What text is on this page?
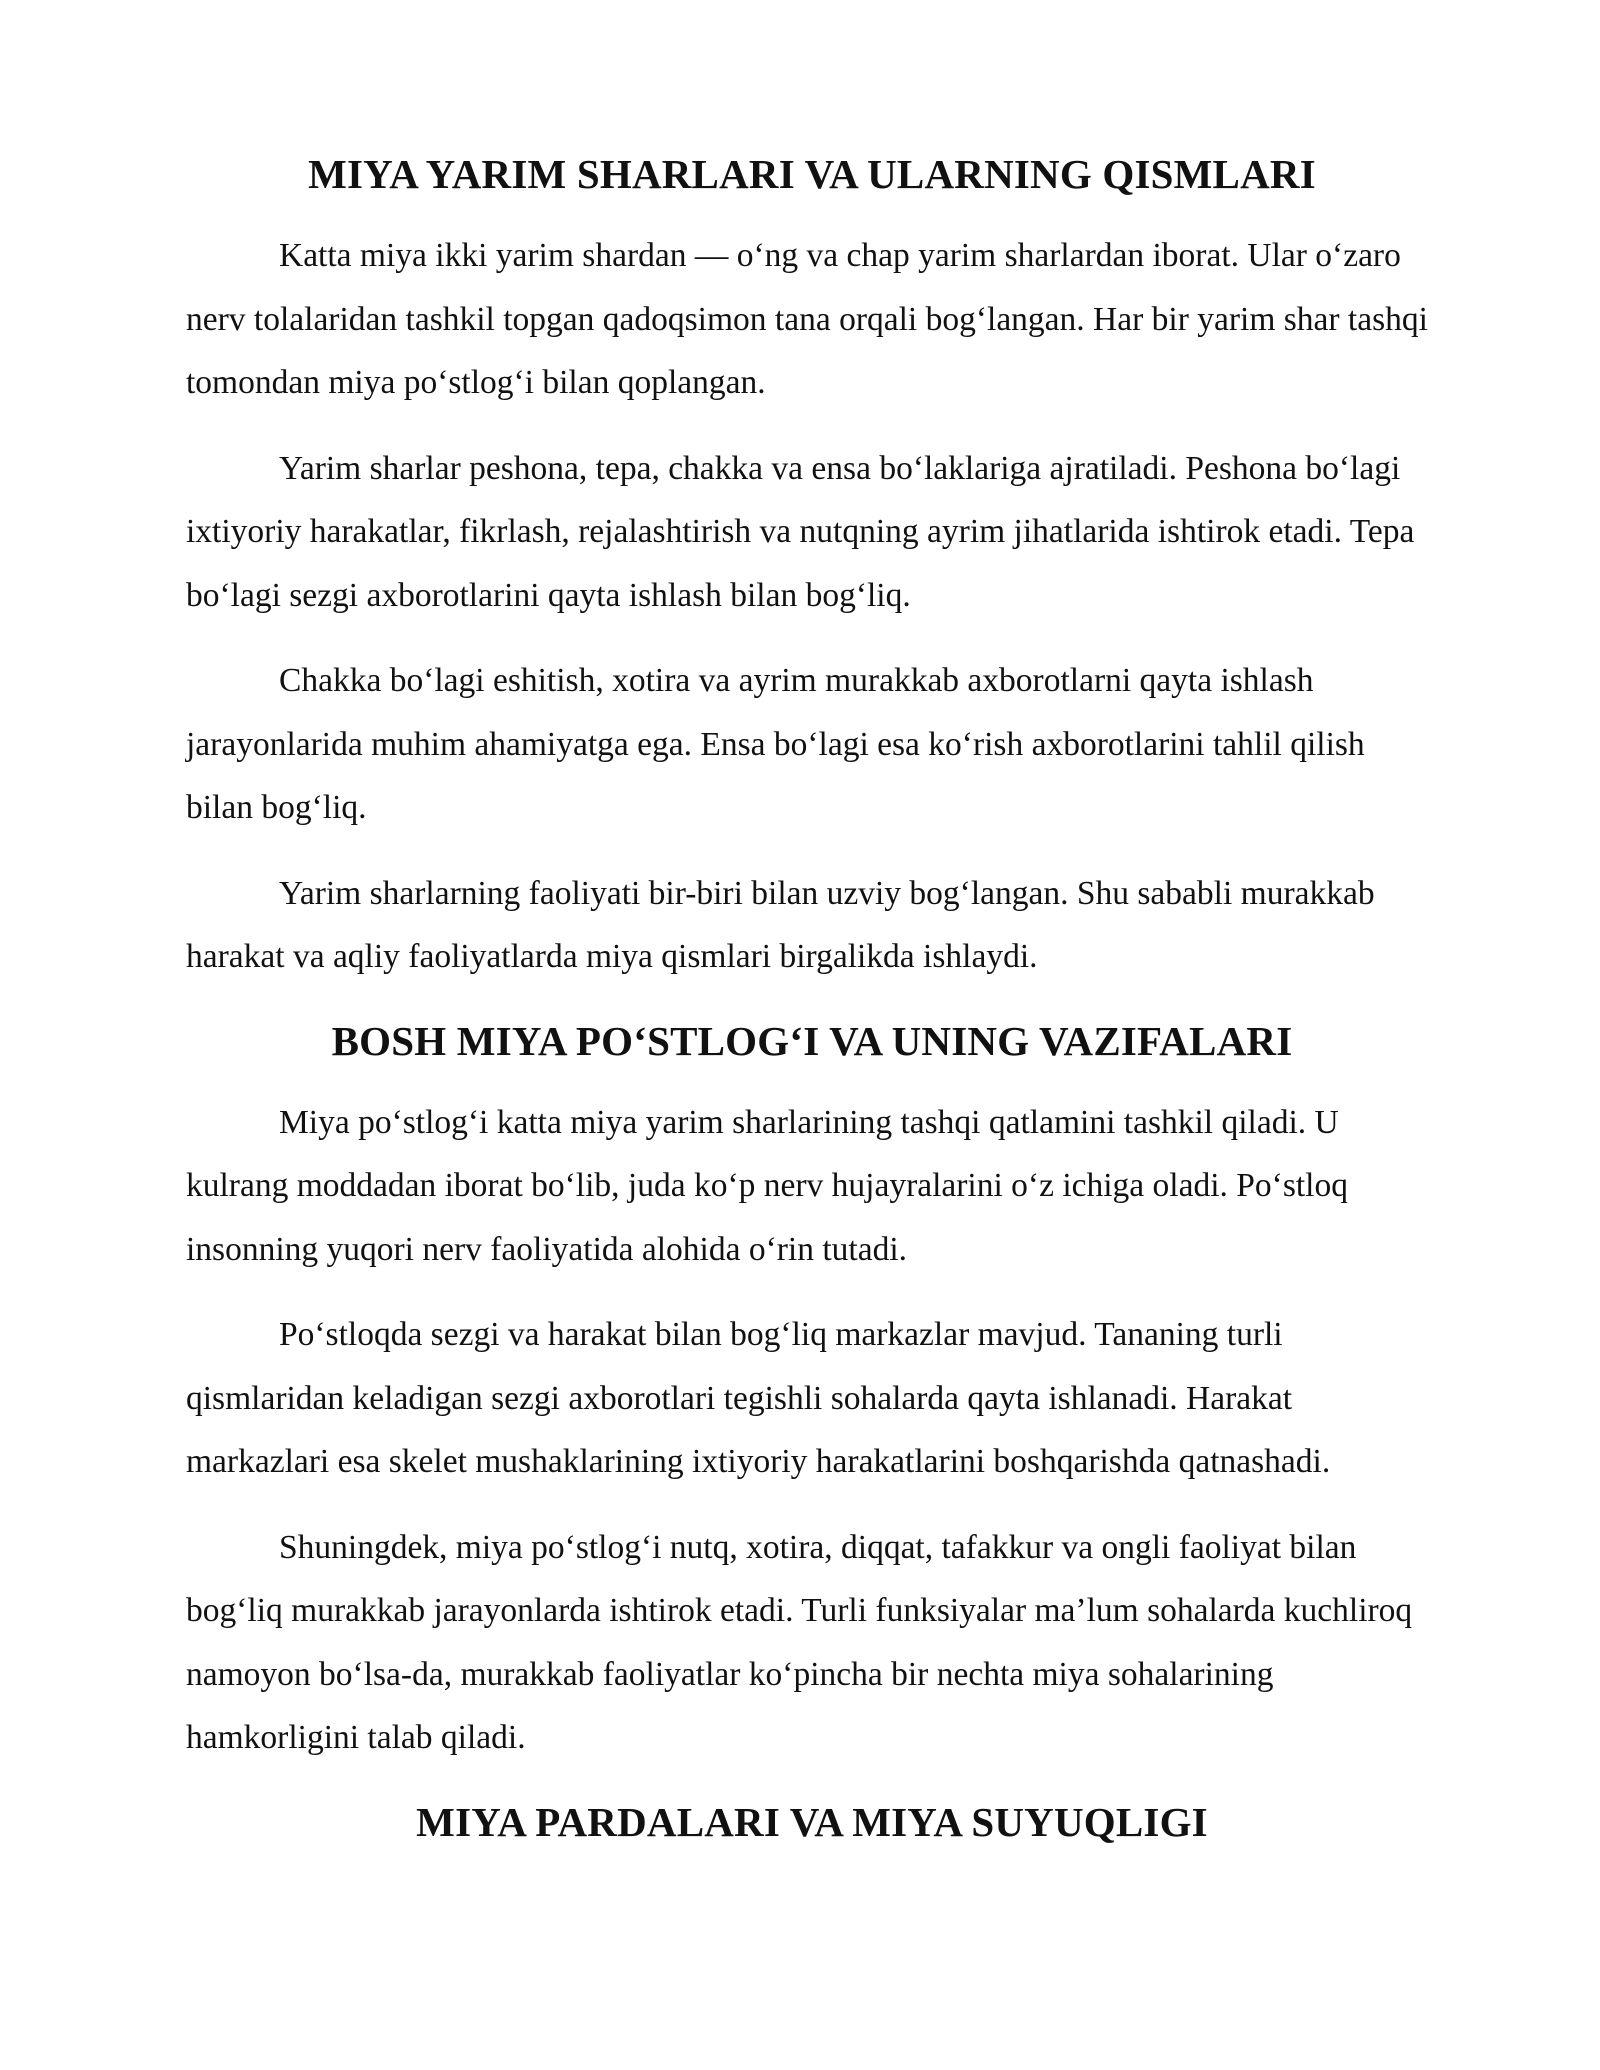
MIYA YARIM SHARLARI VA ULARNING QISMLARI

Katta miya ikki yarim shardan — o‘ng va chap yarim sharlardan iborat. Ular o‘zaro nerv tolalaridan tashkil topgan qadoqsimon tana orqali bog‘langan. Har bir yarim shar tashqi tomondan miya po‘stlog‘i bilan qoplangan.

Yarim sharlar peshona, tepa, chakka va ensa bo‘laklariga ajratiladi. Peshona bo‘lagi ixtiyoriy harakatlar, fikrlash, rejalashtirish va nutqning ayrim jihatlarida ishtirok etadi. Tepa bo‘lagi sezgi axborotlarini qayta ishlash bilan bog‘liq.

Chakka bo‘lagi eshitish, xotira va ayrim murakkab axborotlarni qayta ishlash jarayonlarida muhim ahamiyatga ega. Ensa bo‘lagi esa ko‘rish axborotlarini tahlil qilish bilan bog‘liq.

Yarim sharlarning faoliyati bir-biri bilan uzviy bog‘langan. Shu sababli murakkab harakat va aqliy faoliyatlarda miya qismlari birgalikda ishlaydi.

BOSH MIYA PO‘STLOG‘I VA UNING VAZIFALARI

Miya po‘stlog‘i katta miya yarim sharlarining tashqi qatlamini tashkil qiladi. U kulrang moddadan iborat bo‘lib, juda ko‘p nerv hujayralarini o‘z ichiga oladi. Po‘stloq insonning yuqori nerv faoliyatida alohida o‘rin tutadi.

Po‘stloqda sezgi va harakat bilan bog‘liq markazlar mavjud. Tananing turli qismlaridan keladigan sezgi axborotlari tegishli sohalarda qayta ishlanadi. Harakat markazlari esa skelet mushaklarining ixtiyoriy harakatlarini boshqarishda qatnashadi.

Shuningdek, miya po‘stlog‘i nutq, xotira, diqqat, tafakkur va ongli faoliyat bilan bog‘liq murakkab jarayonlarda ishtirok etadi. Turli funksiyalar ma’lum sohalarda kuchliroq namoyon bo‘lsa-da, murakkab faoliyatlar ko‘pincha bir nechta miya sohalarining hamkorligini talab qiladi.

MIYA PARDALARI VA MIYA SUYUQLIGI
